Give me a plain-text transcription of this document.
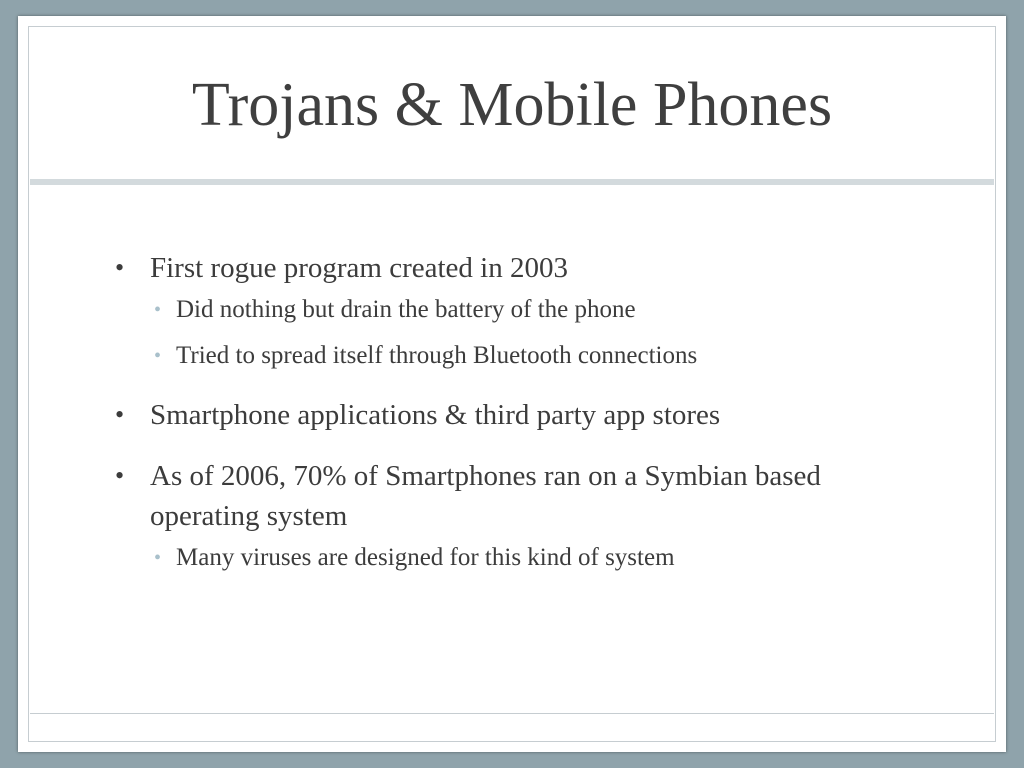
Trojans & Mobile Phones
• First rogue program created in 2003
• Did nothing but drain the battery of the phone
• Tried to spread itself through Bluetooth connections
• Smartphone applications & third party app stores
• As of 2006, 70% of Smartphones ran on a Symbian based operating system
• Many viruses are designed for this kind of system
